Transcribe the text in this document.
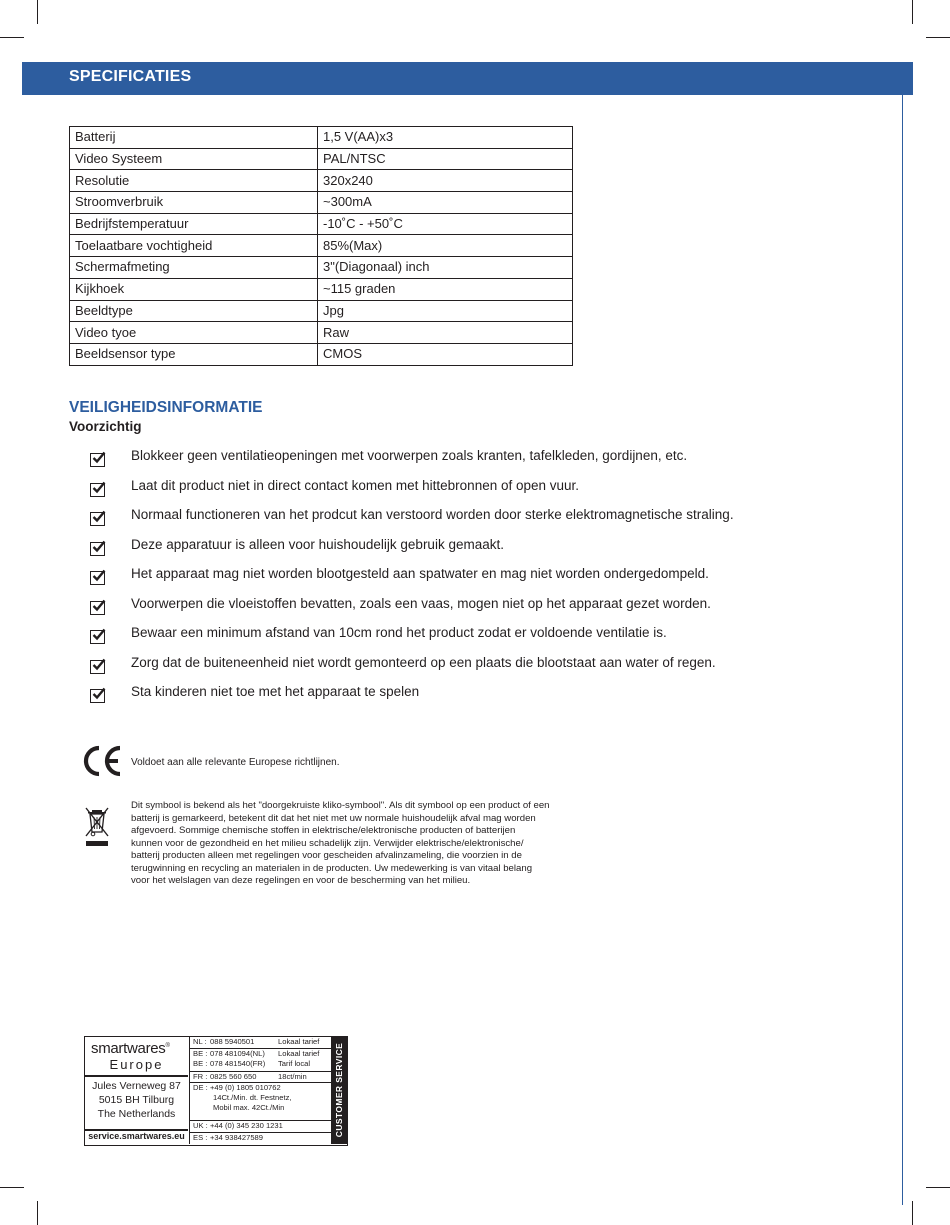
SPECIFICATIES
Batterij	1,5 V(AA)x3
Video Systeem	PAL/NTSC
Resolutie	320x240
Stroomverbruik	~300mA
Bedrijfstemperatuur	-10˚C - +50˚C
Toelaatbare vochtigheid	85%(Max)
Schermafmeting	3"(Diagonaal) inch
Kijkhoek	~115 graden
Beeldtype	Jpg
Video tyoe	Raw
Beeldsensor type	CMOS
VEILIGHEIDSINFORMATIE
Voorzichtig
Blokkeer geen ventilatieopeningen met voorwerpen zoals kranten, tafelkleden, gordijnen, etc.
Laat dit product niet in direct contact komen met hittebronnen of open vuur.
Normaal functioneren van het prodcut kan verstoord worden door sterke elektromagnetische straling.
Deze apparatuur is alleen voor huishoudelijk gebruik gemaakt.
Het apparaat mag niet worden blootgesteld aan spatwater en mag niet worden ondergedompeld.
Voorwerpen die vloeistoffen bevatten, zoals een vaas, mogen niet op het apparaat gezet worden.
Bewaar een minimum afstand van 10cm rond het product zodat er voldoende ventilatie is.
Zorg dat de buiteneenheid niet wordt gemonteerd op een plaats die blootstaat aan water of regen.
Sta kinderen niet toe met het apparaat te spelen
Voldoet aan alle relevante Europese richtlijnen.
Dit symbool is bekend als het "doorgekruiste kliko-symbool". Als dit symbool op een product of een
batterij is gemarkeerd, betekent dit dat het niet met uw normale huishoudelijk afval mag worden
afgevoerd. Sommige chemische stoffen in elektrische/elektronische producten of batterijen
kunnen voor de gezondheid en het milieu schadelijk zijn. Verwijder elektrische/elektronische/
batterij producten alleen met regelingen voor gescheiden afvalinzameling, die voorzien in de
terugwinning en recycling an materialen in de producten. Uw medewerking is van vitaal belang
voor het welslagen van deze regelingen en voor de bescherming van het milieu.
smartwares®
Europe
Jules Verneweg 87
5015 BH Tilburg
The Netherlands
service.smartwares.eu
NL : 088 5940501	Lokaal tarief
BE : 078 481094(NL) Lokaal tarief
BE : 078 481540(FR) Tarif local
FR : 0825 560 650	18ct/min
DE : +49 (0) 1805 010762
14Ct./Min. dt. Festnetz,
Mobil max. 42Ct./Min
UK : +44 (0) 345 230 1231
ES : +34 938427589	CUSTOMER SERVICE
